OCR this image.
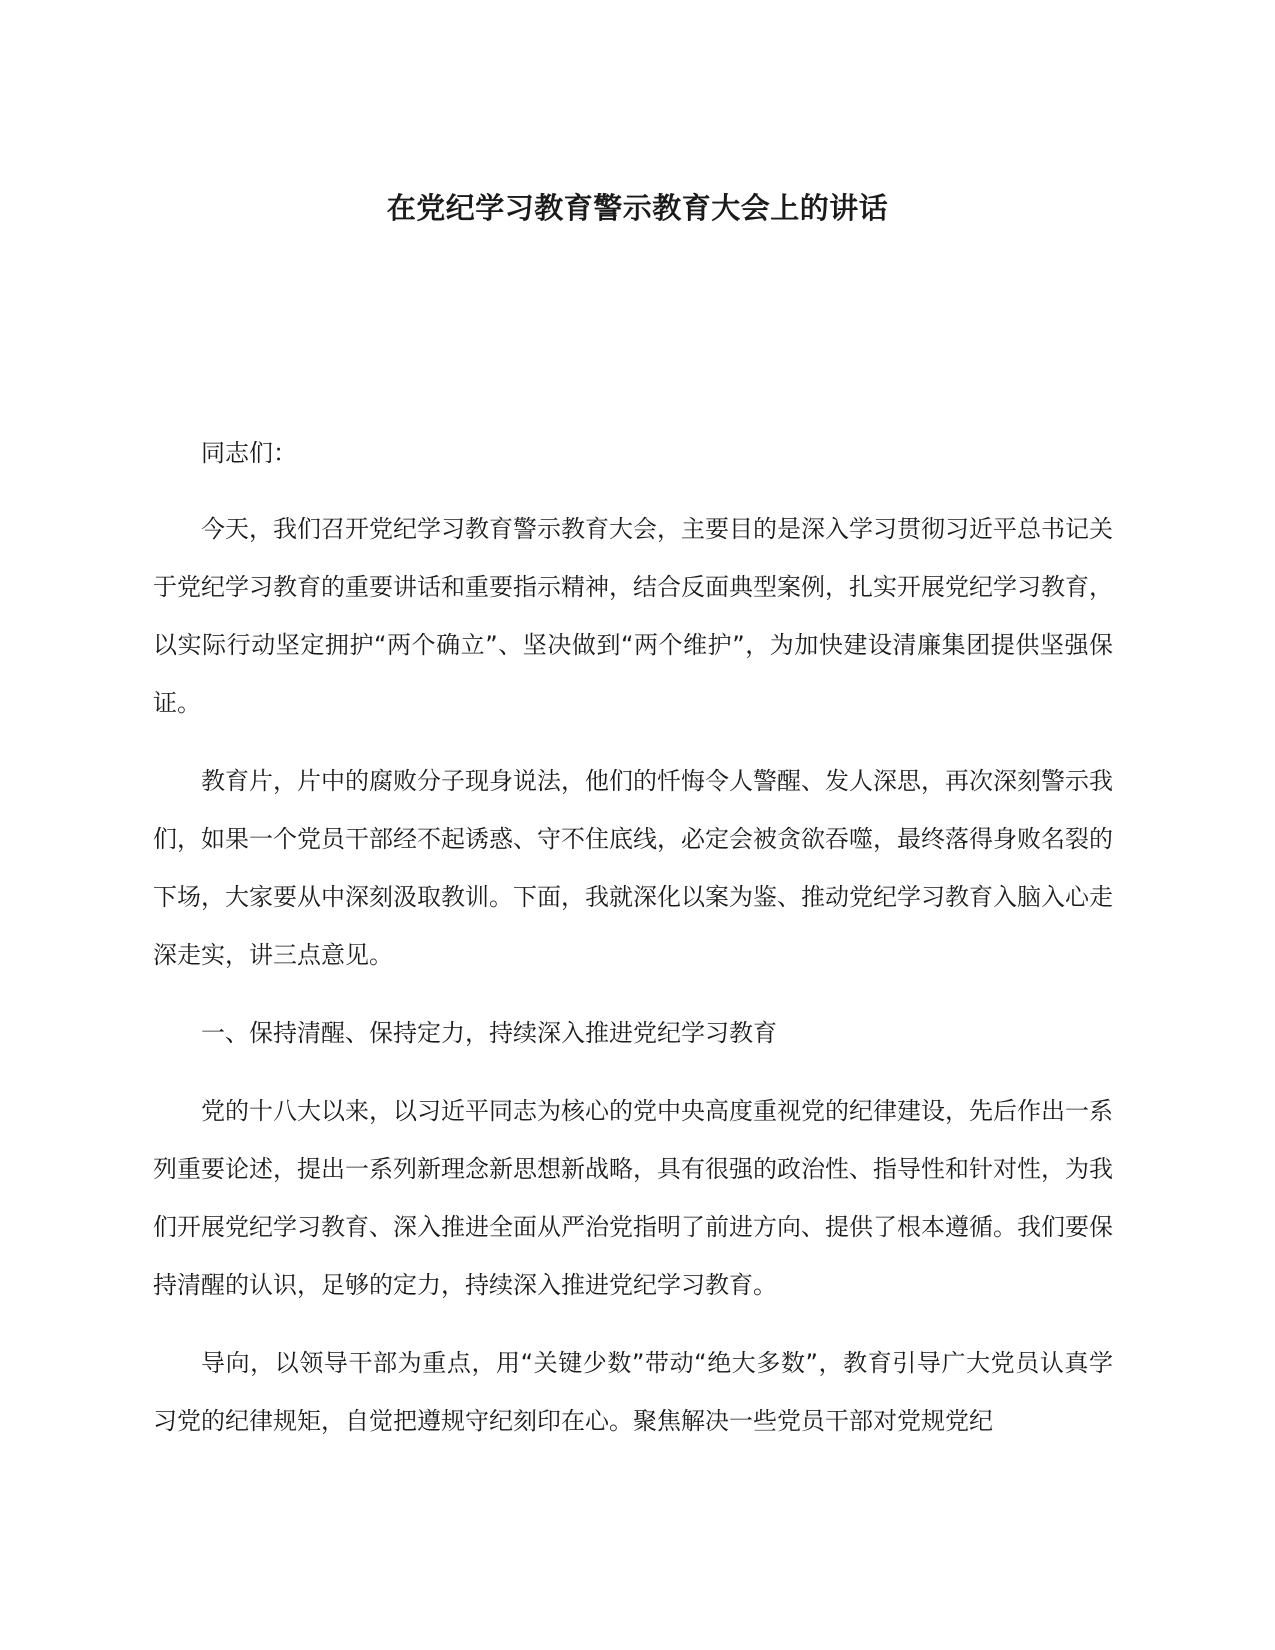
在党纪学习教育警示教育大会上的讲话

同志们：

今天，我们召开党纪学习教育警示教育大会，主要目的是深入学习贯彻习近平总书记关于党纪学习教育的重要讲话和重要指示精神，结合反面典型案例，扎实开展党纪学习教育，以实际行动坚定拥护“两个确立”、坚决做到“两个维护”，为加快建设清廉集团提供坚强保证。

教育片，片中的腐败分子现身说法，他们的忏悔令人警醒、发人深思，再次深刻警示我们，如果一个党员干部经不起诱惑、守不住底线，必定会被贪欲吞噬，最终落得身败名裂的下场，大家要从中深刻汲取教训。下面，我就深化以案为鉴、推动党纪学习教育入脑入心走深走实，讲三点意见。

一、保持清醒、保持定力，持续深入推进党纪学习教育

党的十八大以来，以习近平同志为核心的党中央高度重视党的纪律建设，先后作出一系列重要论述，提出一系列新理念新思想新战略，具有很强的政治性、指导性和针对性，为我们开展党纪学习教育、深入推进全面从严治党指明了前进方向、提供了根本遵循。我们要保持清醒的认识，足够的定力，持续深入推进党纪学习教育。

导向，以领导干部为重点，用“关键少数”带动“绝大多数”，教育引导广大党员认真学习党的纪律规矩，自觉把遵规守纪刻印在心。聚焦解决一些党员干部对党规党纪
